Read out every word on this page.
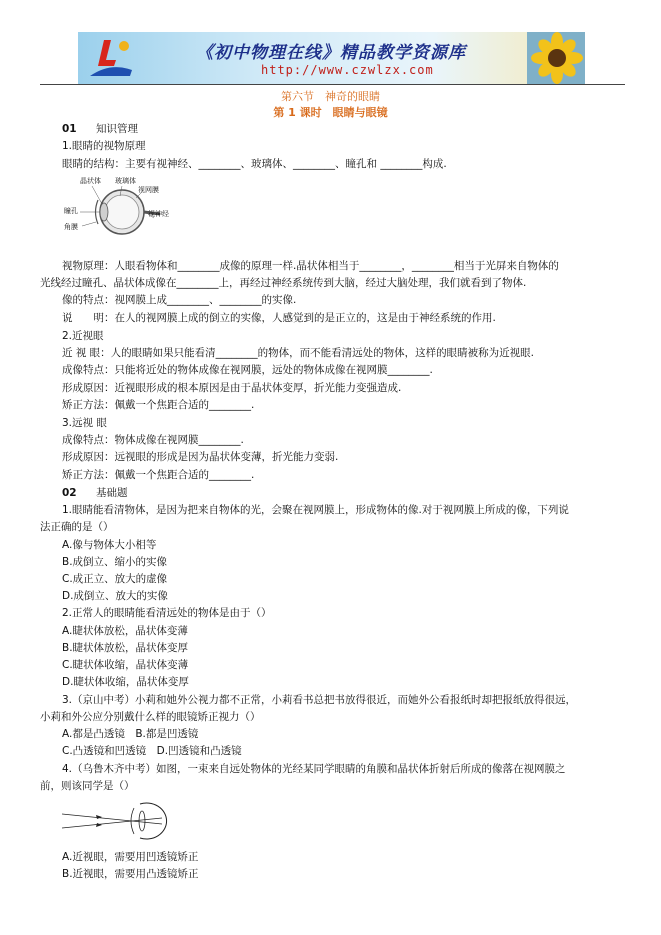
《初中物理在线》精品教学资源库
http://www.czwlzx.com
第六节　神奇的眼睛
第 1 课时　眼睛与眼镜
01 知识管理
1.眼睛的视物原理
眼睛的结构：主要有视神经、________、玻璃体、________、瞳孔和 ________构成.
晶状体 玻璃体
视网膜
瞳孔
角膜
视神经
视物原理：人眼看物体和________成像的原理一样.晶状体相当于________，________相当于光屏来自物体的
光线经过瞳孔、晶状体成像在________上，再经过神经系统传到大脑，经过大脑处理，我们就看到了物体.
像的特点：视网膜上成________、________的实像.
说　　明：在人的视网膜上成的倒立的实像，人感觉到的是正立的，这是由于神经系统的作用.
2.近视眼
近 视 眼：人的眼睛如果只能看清________的物体，而不能看清远处的物体，这样的眼睛被称为近视眼.
成像特点：只能将近处的物体成像在视网膜，远处的物体成像在视网膜________.
形成原因：近视眼形成的根本原因是由于晶状体变厚，折光能力变强造成.
矫正方法：佩戴一个焦距合适的________.
3.远视 眼
成像特点：物体成像在视网膜________.
形成原因：远视眼的形成是因为晶状体变薄，折光能力变弱.
矫正方法：佩戴一个焦距合适的________.
02 基础题
1.眼睛能看清物体，是因为把来自物体的光，会聚在视网膜上，形成物体的像.对于视网膜上所成的像，下列说
法正确的是（）
A.像与物体大小相等
B.成倒立、缩小的实像
C.成正立、放大的虚像
D.成倒立、放大的实像
2.正常人的眼睛能看清远处的物体是由于（）
A.睫状体放松，晶状体变薄
B.睫状体放松，晶状体变厚
C.睫状体收缩，晶状体变薄
D.睫状体收缩，晶状体变厚
3.（京山中考）小莉和她外公视力都不正常，小莉看书总把书放得很近，而她外公看报纸时却把报纸放得很远，
小莉和外公应分别戴什么样的眼镜矫正视力（）
A.都是凸透镜　B.都是凹透镜
C.凸透镜和凹透镜　D.凹透镜和凸透镜
4.（乌鲁木齐中考）如图，一束来自远处物体的光经某同学眼睛的角膜和晶状体折射后所成的像落在视网膜之
前，则该同学是（）
A.近视眼，需要用凹透镜矫正
B.近视眼，需要用凸透镜矫正
